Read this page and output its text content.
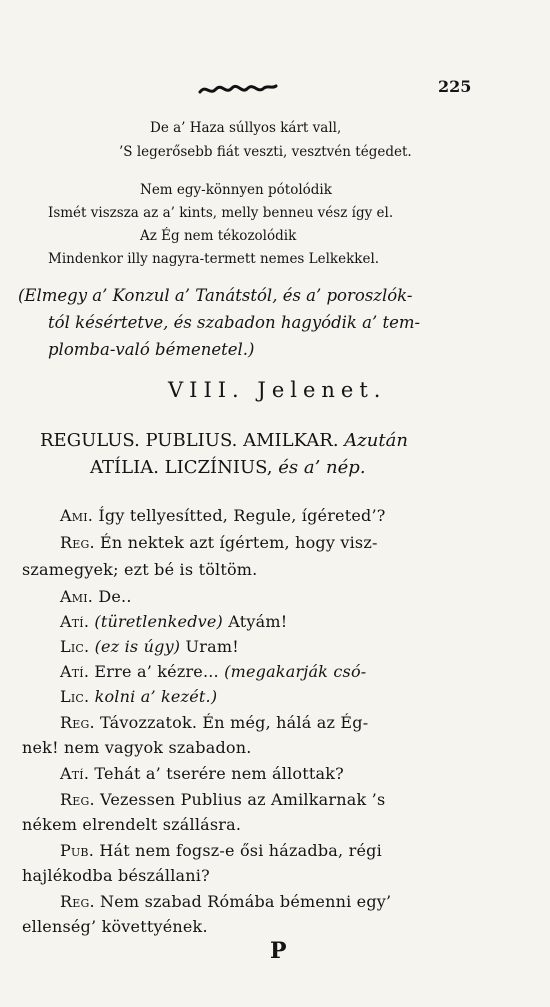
225
De a’ Haza súllyos kárt vall,
’S legerősebb fiát veszti, vesztvén tégedet.
Nem egy-könnyen pótolódik
Ismét viszsza az a’ kints, melly benneu vész így el.
Az Ég nem tékozolódik
Mindenkor illy nagyra-termett nemes Lelkekkel.
(Elmegy a’ Konzul a’ Tanátstól, és a’ poroszlók-
tól késértetve, és szabadon hagyódik a’ tem-
plomba-való bémenetel.)
VIII. Jelenet.
REGULUS. PUBLIUS. AMILKAR. Azután
ATÍLIA. LICZÍNIUS, és a’ nép.
Ami. Így tellyesítted, Regule, ígéreted’?
Reg. Én nektek azt ígértem, hogy visz-
szamegyek; ezt bé is töltöm.
Ami. De..
Atí. (türetlenkedve) Atyám!
Lic. (ez is úgy) Uram!
Atí. Erre a’ kézre... (megakarják csó-
Lic. kolni a’ kezét.)
Reg. Távozzatok. Én még, hálá az Ég-
nek! nem vagyok szabadon.
Atí. Tehát a’ tserére nem állottak?
Reg. Vezessen Publius az Amilkarnak ’s
nékem elrendelt szállásra.
Pub. Hát nem fogsz-e ősi házadba, régi
hajlékodba bészállani?
Reg. Nem szabad Rómába bémenni egy’
ellenség’ követtyének.
P
